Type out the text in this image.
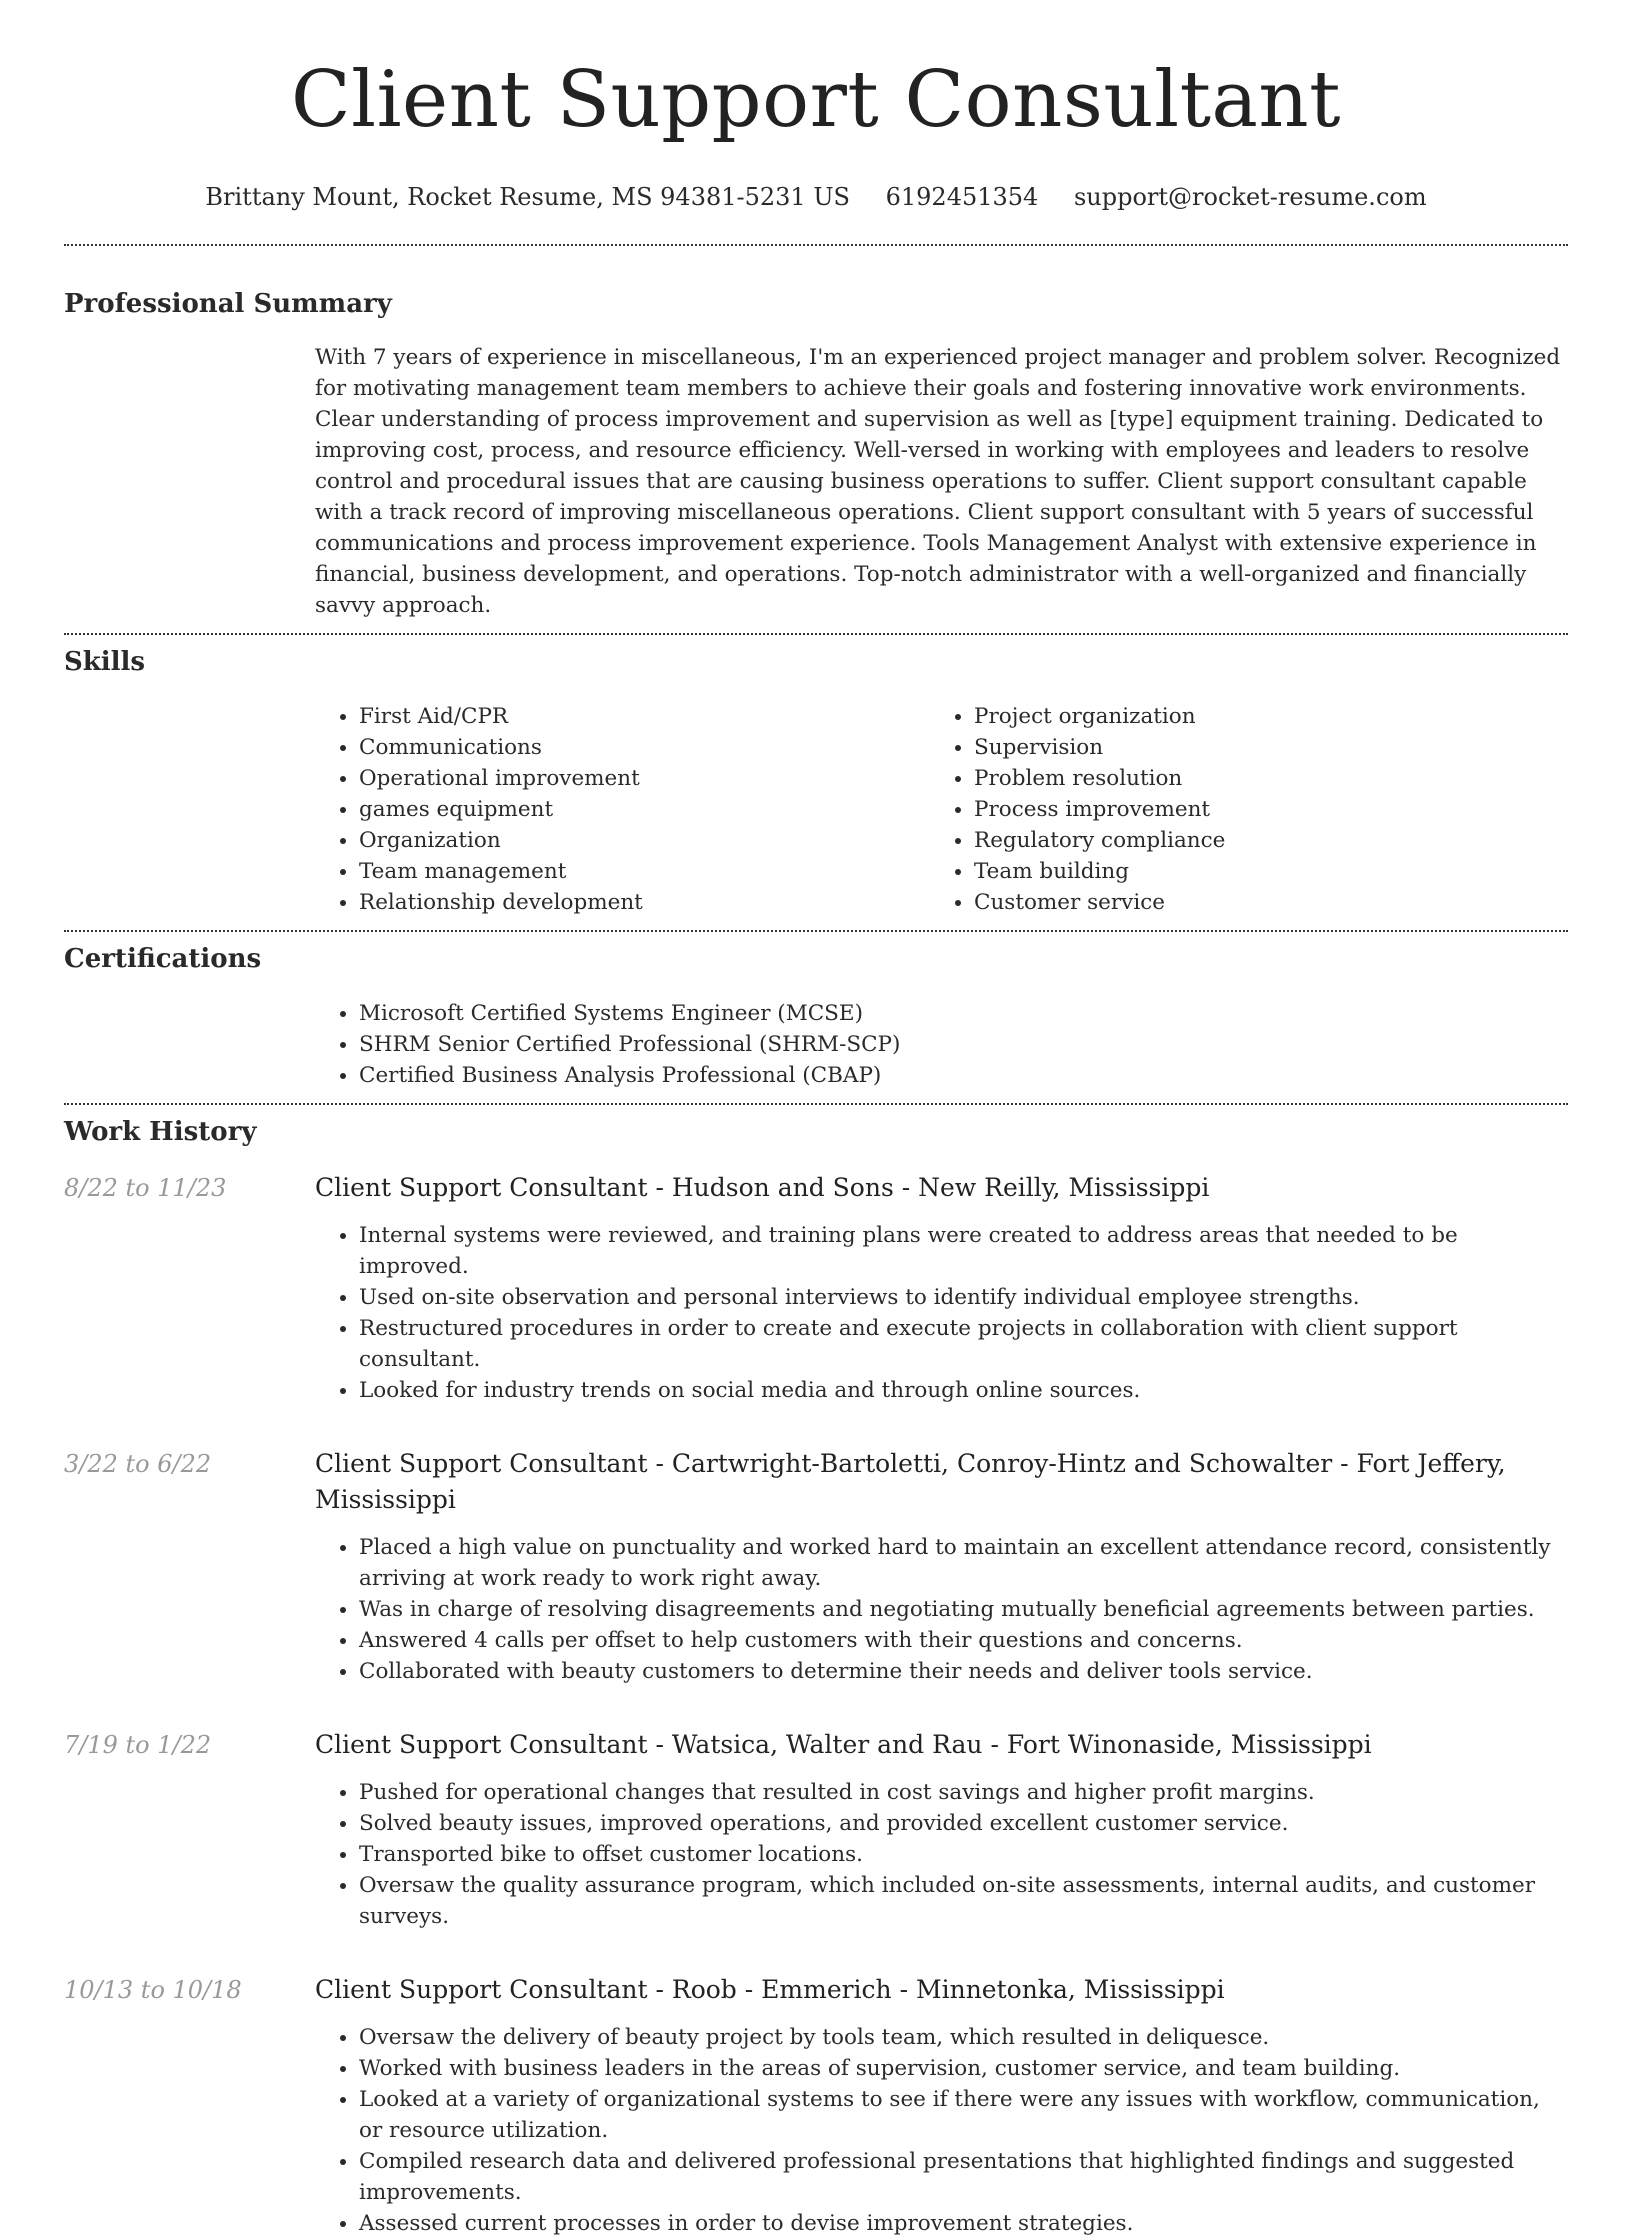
Client Support Consultant
Brittany Mount, Rocket Resume, MS 94381-5231 US 6192451354 support@rocket-resume.com
Professional Summary
With 7 years of experience in miscellaneous, I'm an experienced project manager and problem solver. Recognized for motivating management team members to achieve their goals and fostering innovative work environments. Clear understanding of process improvement and supervision as well as [type] equipment training. Dedicated to improving cost, process, and resource efficiency. Well-versed in working with employees and leaders to resolve control and procedural issues that are causing business operations to suffer. Client support consultant capable with a track record of improving miscellaneous operations. Client support consultant with 5 years of successful communications and process improvement experience. Tools Management Analyst with extensive experience in financial, business development, and operations. Top-notch administrator with a well-organized and financially savvy approach.
Skills
• First Aid/CPR
• Communications
• Operational improvement
• games equipment
• Organization
• Team management
• Relationship development
• Project organization
• Supervision
• Problem resolution
• Process improvement
• Regulatory compliance
• Team building
• Customer service
Certifications
• Microsoft Certified Systems Engineer (MCSE)
• SHRM Senior Certified Professional (SHRM-SCP)
• Certified Business Analysis Professional (CBAP)
Work History
8/22 to 11/23	Client Support Consultant - Hudson and Sons - New Reilly, Mississippi
• Internal systems were reviewed, and training plans were created to address areas that needed to be improved.
• Used on-site observation and personal interviews to identify individual employee strengths.
• Restructured procedures in order to create and execute projects in collaboration with client support consultant.
• Looked for industry trends on social media and through online sources.
3/22 to 6/22	Client Support Consultant - Cartwright-Bartoletti, Conroy-Hintz and Schowalter - Fort Jeffery, Mississippi
• Placed a high value on punctuality and worked hard to maintain an excellent attendance record, consistently arriving at work ready to work right away.
• Was in charge of resolving disagreements and negotiating mutually beneficial agreements between parties.
• Answered 4 calls per offset to help customers with their questions and concerns.
• Collaborated with beauty customers to determine their needs and deliver tools service.
7/19 to 1/22	Client Support Consultant - Watsica, Walter and Rau - Fort Winonaside, Mississippi
• Pushed for operational changes that resulted in cost savings and higher profit margins.
• Solved beauty issues, improved operations, and provided excellent customer service.
• Transported bike to offset customer locations.
• Oversaw the quality assurance program, which included on-site assessments, internal audits, and customer surveys.
10/13 to 10/18	Client Support Consultant - Roob - Emmerich - Minnetonka, Mississippi
• Oversaw the delivery of beauty project by tools team, which resulted in deliquesce.
• Worked with business leaders in the areas of supervision, customer service, and team building.
• Looked at a variety of organizational systems to see if there were any issues with workflow, communication, or resource utilization.
• Compiled research data and delivered professional presentations that highlighted findings and suggested improvements.
• Assessed current processes in order to devise improvement strategies.
